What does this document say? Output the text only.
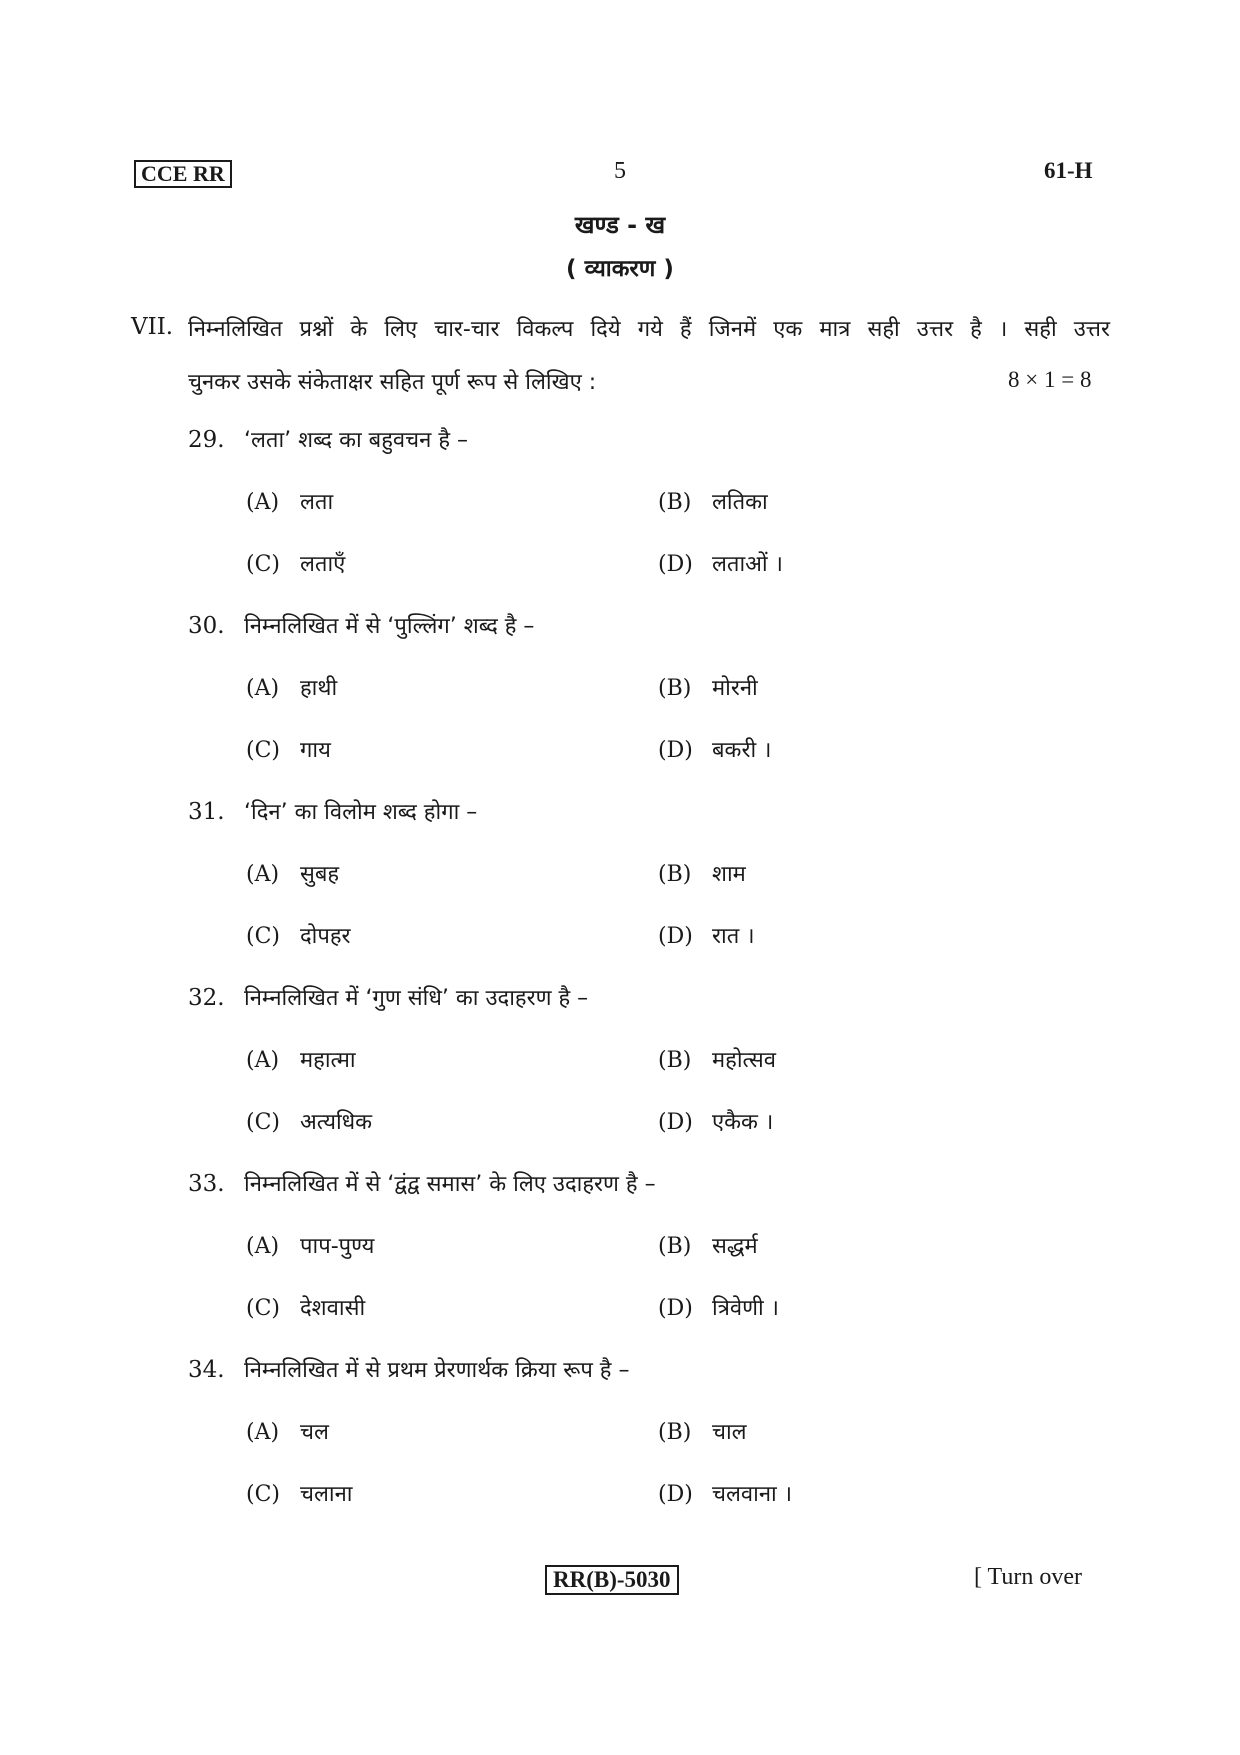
CCE RR	5	61-H
खण्ड - ख
( व्याकरण )
VII. निम्नलिखित प्रश्नों के लिए चार-चार विकल्प दिये गये हैं जिनमें एक मात्र सही उत्तर है । सही उत्तर
चुनकर उसके संकेताक्षर सहित पूर्ण रूप से लिखिए :	8 × 1 = 8
29. ‘लता’ शब्द का बहुवचन है –
(A) लता	(B) लतिका
(C) लताएँ	(D) लताओं ।
30. निम्नलिखित में से ‘पुल्लिंग’ शब्द है –
(A) हाथी	(B) मोरनी
(C) गाय	(D) बकरी ।
31. ‘दिन’ का विलोम शब्द होगा –
(A) सुबह	(B) शाम
(C) दोपहर	(D) रात ।
32. निम्नलिखित में ‘गुण संधि’ का उदाहरण है –
(A) महात्मा	(B) महोत्सव
(C) अत्यधिक	(D) एकैक ।
33. निम्नलिखित में से ‘द्वंद्व समास’ के लिए उदाहरण है –
(A) पाप-पुण्य	(B) सद्धर्म
(C) देशवासी	(D) त्रिवेणी ।
34. निम्नलिखित में से प्रथम प्रेरणार्थक क्रिया रूप है –
(A) चल	(B) चाल
(C) चलाना	(D) चलवाना ।
RR(B)-5030	[ Turn over
